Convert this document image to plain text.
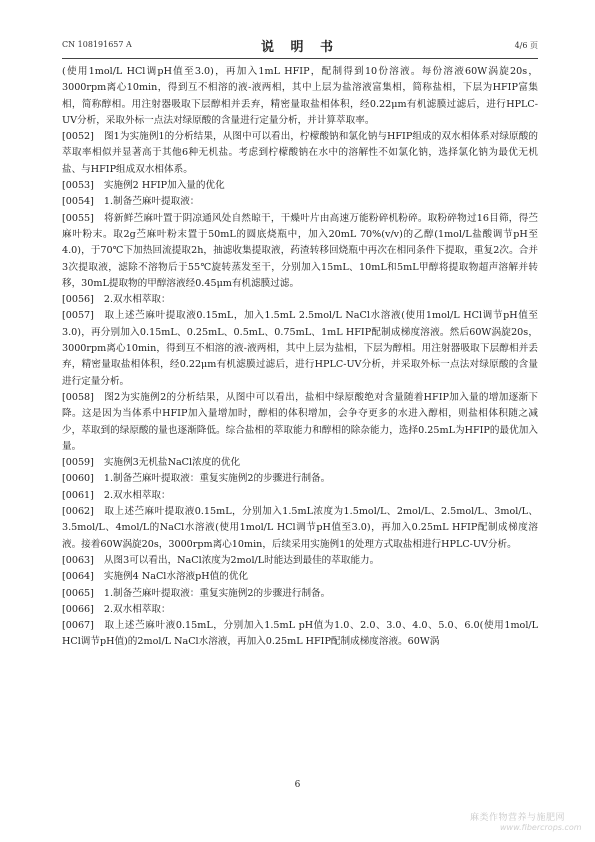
CN 108191657 A	说 明 书	4/6 页

(使用1mol/L HCl调pH值至3.0)，再加入1mL HFIP，配制得到10份溶液。每份溶液60W涡旋20s，3000rpm离心10min，得到互不相溶的液-液两相，其中上层为盐溶液富集相，简称盐相，下层为HFIP富集相，简称醇相。用注射器吸取下层醇相并丢弃，精密量取盐相体积，经0.22μm有机滤膜过滤后，进行HPLC-UV分析，采取外标一点法对绿原酸的含量进行定量分析，并计算萃取率。

[0052] 图1为实施例1的分析结果，从图中可以看出，柠檬酸钠和氯化钠与HFIP组成的双水相体系对绿原酸的萃取率相似并显著高于其他6种无机盐。考虑到柠檬酸钠在水中的溶解性不如氯化钠，选择氯化钠为最优无机盐、与HFIP组成双水相体系。

[0053] 实施例2 HFIP加入量的优化

[0054] 1.制备苎麻叶提取液：

[0055] 将新鲜苎麻叶置于阴凉通风处自然晾干，干燥叶片由高速万能粉碎机粉碎。取粉碎物过16目筛，得苎麻叶粉末。取2g苎麻叶粉末置于50mL的圆底烧瓶中，加入20mL 70%(v/v)的乙醇(1mol/L盐酸调节pH至4.0)，于70℃下加热回流提取2h，抽滤收集提取液，药渣转移回烧瓶中再次在相同条件下提取，重复2次。合并3次提取液，滤除不溶物后于55℃旋转蒸发至干，分别加入15mL、10mL和5mL甲醇将提取物超声溶解并转移，30mL提取物的甲醇溶液经0.45μm有机滤膜过滤。

[0056] 2.双水相萃取：

[0057] 取上述苎麻叶提取液0.15mL，加入1.5mL 2.5mol/L NaCl水溶液(使用1mol/L HCl调节pH值至3.0)，再分别加入0.15mL、0.25mL、0.5mL、0.75mL、1mL HFIP配制成梯度溶液。然后60W涡旋20s，3000rpm离心10min，得到互不相溶的液-液两相，其中上层为盐相，下层为醇相。用注射器吸取下层醇相并丢弃，精密量取盐相体积，经0.22μm有机滤膜过滤后，进行HPLC-UV分析，并采取外标一点法对绿原酸的含量进行定量分析。

[0058] 图2为实施例2的分析结果，从图中可以看出，盐相中绿原酸绝对含量随着HFIP加入量的增加逐渐下降。这是因为当体系中HFIP加入量增加时，醇相的体积增加，会争夺更多的水进入醇相，则盐相体积随之减少，萃取到的绿原酸的量也逐渐降低。综合盐相的萃取能力和醇相的除杂能力，选择0.25mL为HFIP的最优加入量。

[0059] 实施例3无机盐NaCl浓度的优化

[0060] 1.制备苎麻叶提取液：重复实施例2的步骤进行制备。

[0061] 2.双水相萃取：

[0062] 取上述苎麻叶提取液0.15mL，分别加入1.5mL浓度为1.5mol/L、2mol/L、2.5mol/L、3mol/L、3.5mol/L、4mol/L的NaCl水溶液(使用1mol/L HCl调节pH值至3.0)，再加入0.25mL HFIP配制成梯度溶液。接着60W涡旋20s，3000rpm离心10min，后续采用实施例1的处理方式取盐相进行HPLC-UV分析。

[0063] 从图3可以看出，NaCl浓度为2mol/L时能达到最佳的萃取能力。

[0064] 实施例4 NaCl水溶液pH值的优化

[0065] 1.制备苎麻叶提取液：重复实施例2的步骤进行制备。

[0066] 2.双水相萃取：

[0067] 取上述苎麻叶液0.15mL，分别加入1.5mL pH值为1.0、2.0、3.0、4.0、5.0、6.0(使用1mol/L HCl调节pH值)的2mol/L NaCl水溶液，再加入0.25mL HFIP配制成梯度溶液。60W涡

6
麻类作物营养与施肥网
www.fibercrops.com
